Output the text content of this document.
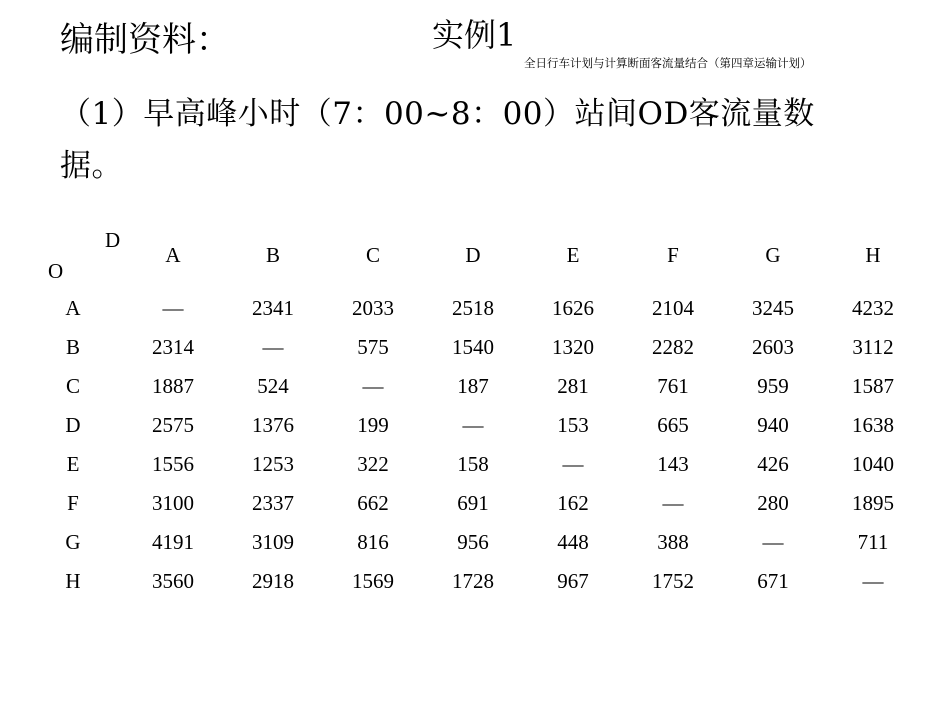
编制资料：	实例1
全日行车计划与计算断面客流量结合（第四章运输计划）
（1）早高峰小时（7：00~8：00）站间OD客流量数
据。
D
O
A	B	C	D	E	F	G	H
A	—	2341	2033	2518	1626	2104	3245	4232
B	2314	—	575	1540	1320	2282	2603	3112
C	1887	524	—	187	281	761	959	1587
D	2575	1376	199	—	153	665	940	1638
E	1556	1253	322	158	—	143	426	1040
F	3100	2337	662	691	162	—	280	1895
G	4191	3109	816	956	448	388	—	711
H	3560	2918	1569	1728	967	1752	671	—
